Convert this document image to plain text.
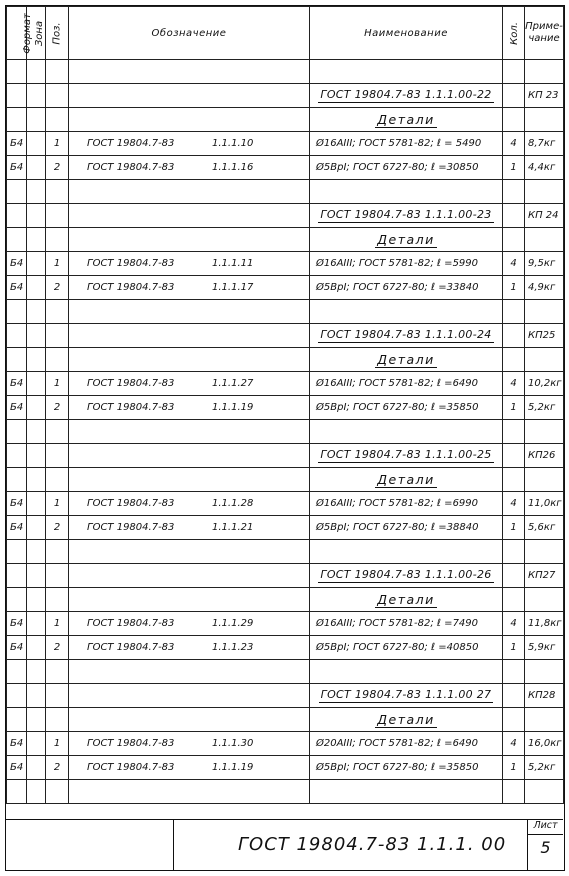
Формат	Зона	Поз.	Обозначение	Наименование	Кол.	Приме-
чание

				ГОСТ 19804.7-83 1.1.1.00-22		КП 23
				Детали		
Б4		1	ГОСТ 19804.7-83 1.1.1.10	Ø16АIII; ГОСТ 5781-82; ℓ = 5490	4	8,7кг
Б4		2	ГОСТ 19804.7-83 1.1.1.16	Ø5ВрI; ГОСТ 6727-80; ℓ =30850	1	4,4кг

				ГОСТ 19804.7-83 1.1.1.00-23		КП 24
				Детали		
Б4		1	ГОСТ 19804.7-83 1.1.1.11	Ø16АIII; ГОСТ 5781-82; ℓ =5990	4	9,5кг
Б4		2	ГОСТ 19804.7-83 1.1.1.17	Ø5ВрI; ГОСТ 6727-80; ℓ =33840	1	4,9кг

				ГОСТ 19804.7-83 1.1.1.00-24		КП25
				Детали		
Б4		1	ГОСТ 19804.7-83 1.1.1.27	Ø16АIII; ГОСТ 5781-82; ℓ =6490	4	10,2кг
Б4		2	ГОСТ 19804.7-83 1.1.1.19	Ø5ВрI; ГОСТ 6727-80; ℓ =35850	1	5,2кг

				ГОСТ 19804.7-83 1.1.1.00-25		КП26
				Детали		
Б4		1	ГОСТ 19804.7-83 1.1.1.28	Ø16АIII; ГОСТ 5781-82; ℓ =6990	4	11,0кг
Б4		2	ГОСТ 19804.7-83 1.1.1.21	Ø5ВрI; ГОСТ 6727-80; ℓ =38840	1	5,6кг

				ГОСТ 19804.7-83 1.1.1.00-26		КП27
				Детали		
Б4		1	ГОСТ 19804.7-83 1.1.1.29	Ø16АIII; ГОСТ 5781-82; ℓ =7490	4	11,8кг
Б4		2	ГОСТ 19804.7-83 1.1.1.23	Ø5ВрI; ГОСТ 6727-80; ℓ =40850	1	5,9кг

				ГОСТ 19804.7-83 1.1.1.00 27		КП28
				Детали		
Б4		1	ГОСТ 19804.7-83 1.1.1.30	Ø20АIII; ГОСТ 5781-82; ℓ =6490	4	16,0кг
Б4		2	ГОСТ 19804.7-83 1.1.1.19	Ø5ВрI; ГОСТ 6727-80; ℓ =35850	1	5,2кг

ГОСТ 19804.7-83 1.1.1. 00
Лист
5
